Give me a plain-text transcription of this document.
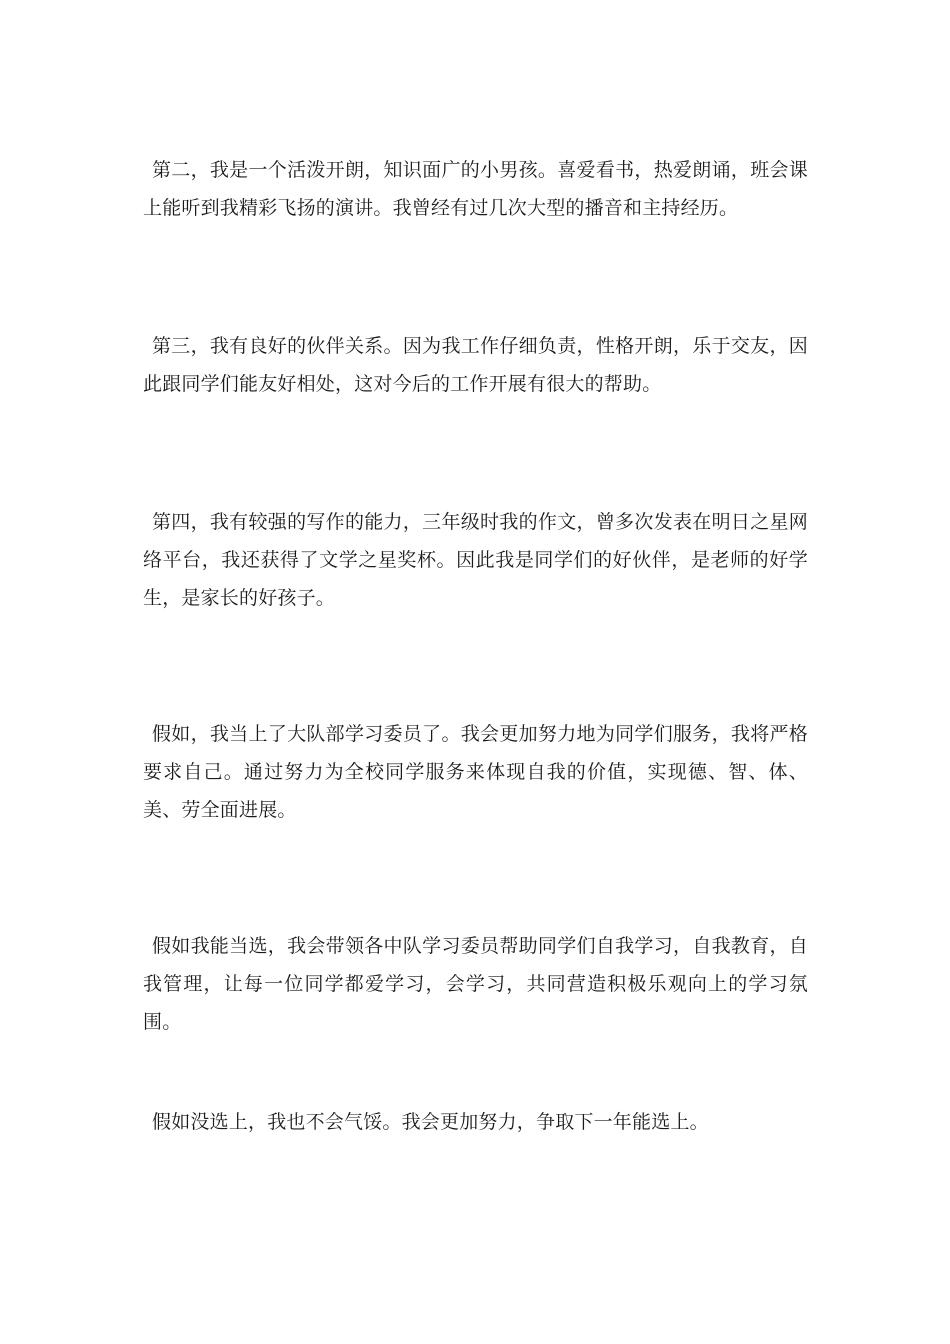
第二，我是一个活泼开朗，知识面广的小男孩。喜爱看书，热爱朗诵，班会课上能听到我精彩飞扬的演讲。我曾经有过几次大型的播音和主持经历。

第三，我有良好的伙伴关系。因为我工作仔细负责，性格开朗，乐于交友，因此跟同学们能友好相处，这对今后的工作开展有很大的帮助。

第四，我有较强的写作的能力，三年级时我的作文，曾多次发表在明日之星网络平台，我还获得了文学之星奖杯。因此我是同学们的好伙伴，是老师的好学生，是家长的好孩子。

假如，我当上了大队部学习委员了。我会更加努力地为同学们服务，我将严格要求自己。通过努力为全校同学服务来体现自我的价值，实现德、智、体、美、劳全面进展。

假如我能当选，我会带领各中队学习委员帮助同学们自我学习，自我教育，自我管理，让每一位同学都爱学习，会学习，共同营造积极乐观向上的学习氛围。

假如没选上，我也不会气馁。我会更加努力，争取下一年能选上。
